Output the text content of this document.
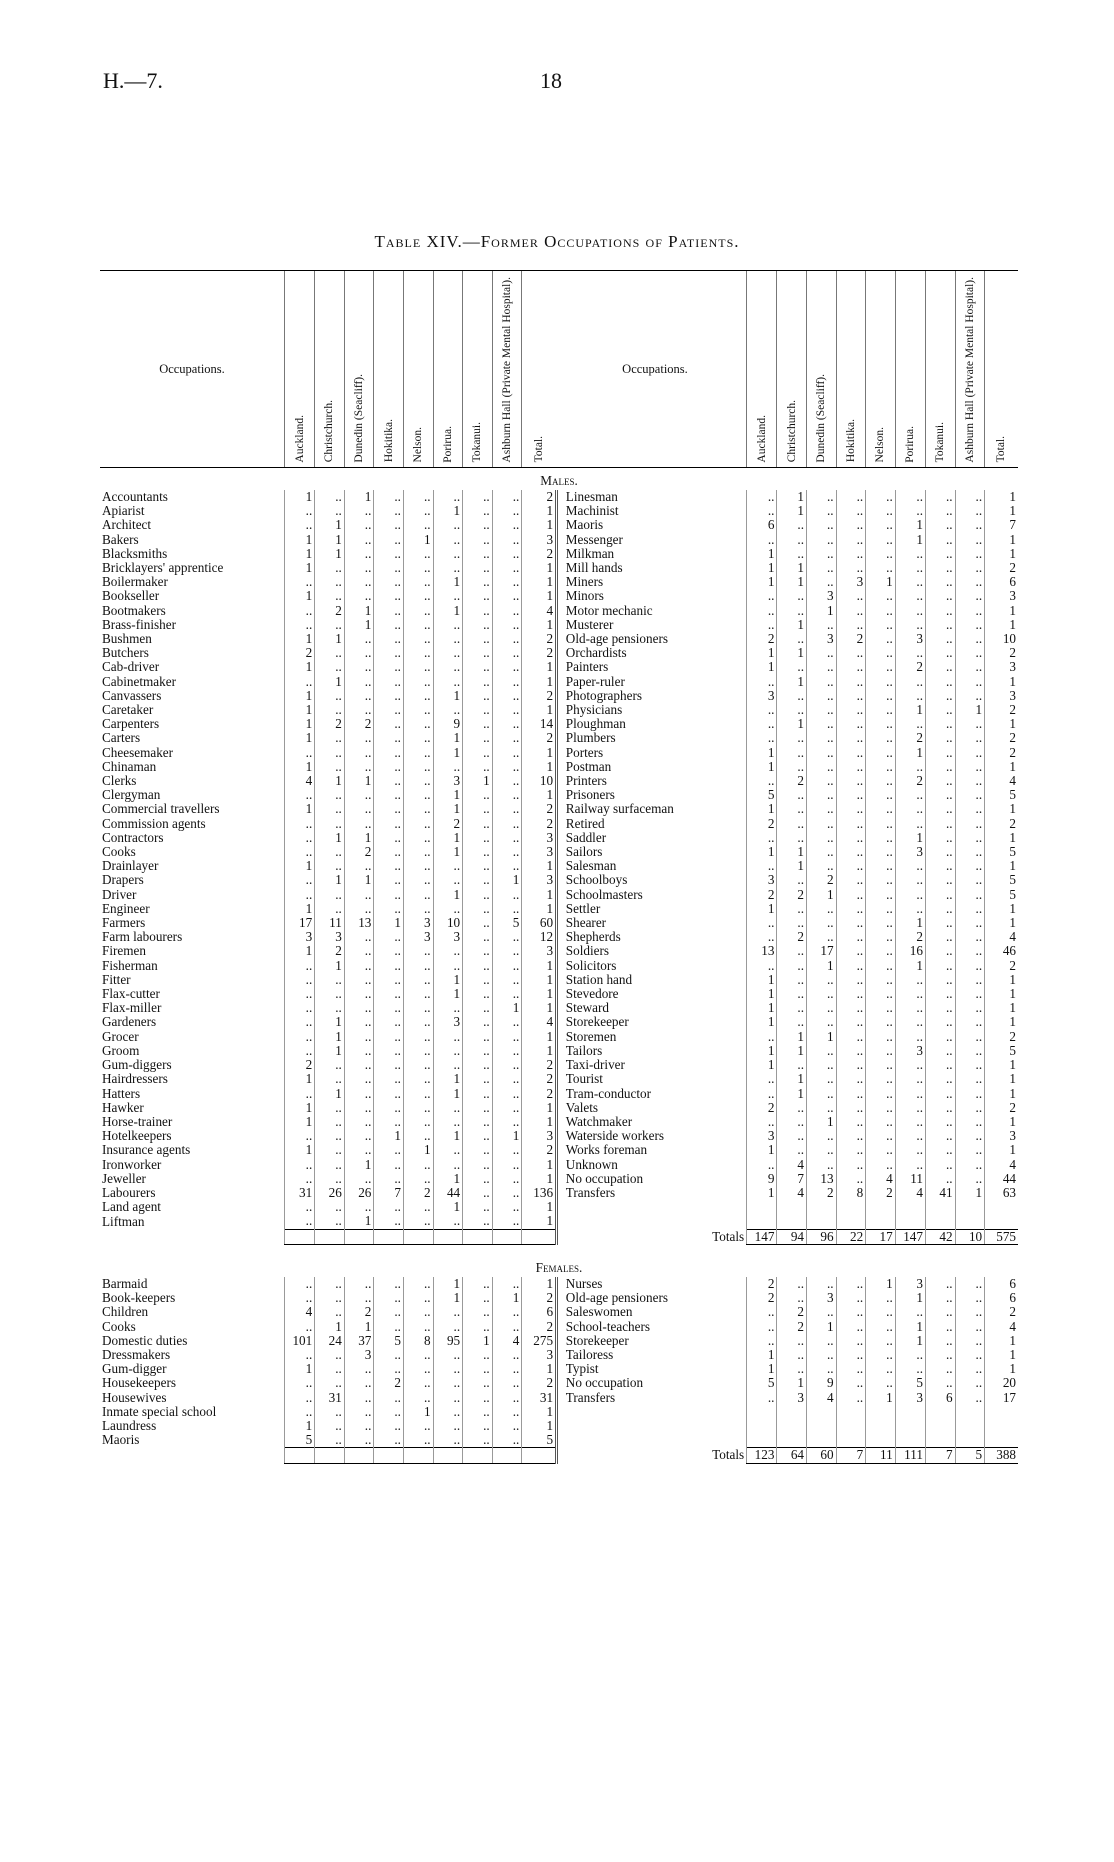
H.—7.	18
Table XIV.—Former Occupations of Patients.
Occupations.	Auckland.	Christchurch.	Dunedin (Seacliff).	Hokitika.	Nelson.	Porirua.	Tokanui.	Ashburn Hall (Private Mental Hospital).	Total.		Occupations.	Auckland.	Christchurch.	Dunedin (Seacliff).	Hokitika.	Nelson.	Porirua.	Tokanui.	Ashburn Hall (Private Mental Hospital).	Total.
Males.																				
Accountants	1	..	1	..	..	..	..	..	2		Linesman	..	1	..	..	..	..	..	..	1
Apiarist	..	..	..	..	..	1	..	..	1		Machinist	..	1	..	..	..	..	..	..	1
Architect	..	1	..	..	..	..	..	..	1		Maoris	6	..	..	..	..	1	..	..	7
Bakers	1	1	..	..	1	..	..	..	3		Messenger	..	..	..	..	..	1	..	..	1
Blacksmiths	1	1	..	..	..	..	..	..	2		Milkman	1	..	..	..	..	..	..	..	1
Bricklayers' apprentice	1	..	..	..	..	..	..	..	1		Mill hands	1	1	..	..	..	..	..	..	2
Boilermaker	..	..	..	..	..	1	..	..	1		Miners	1	1	..	3	1	..	..	..	6
Bookseller	1	..	..	..	..	..	..	..	1		Minors	..	..	3	..	..	..	..	..	3
Bootmakers	..	2	1	..	..	1	..	..	4		Motor mechanic	..	..	1	..	..	..	..	..	1
Brass-finisher	..	..	1	..	..	..	..	..	1		Musterer	..	1	..	..	..	..	..	..	1
Bushmen	1	1	..	..	..	..	..	..	2		Old-age pensioners	2	..	3	2	..	3	..	..	10
Butchers	2	..	..	..	..	..	..	..	2		Orchardists	1	1	..	..	..	..	..	..	2
Cab-driver	1	..	..	..	..	..	..	..	1		Painters	1	..	..	..	..	2	..	..	3
Cabinetmaker	..	1	..	..	..	..	..	..	1		Paper-ruler	..	1	..	..	..	..	..	..	1
Canvassers	1	..	..	..	..	1	..	..	2		Photographers	3	..	..	..	..	..	..	..	3
Caretaker	1	..	..	..	..	..	..	..	1		Physicians	..	..	..	..	..	1	..	1	2
Carpenters	1	2	2	..	..	9	..	..	14		Ploughman	..	1	..	..	..	..	..	..	1
Carters	1	..	..	..	..	1	..	..	2		Plumbers	..	..	..	..	..	2	..	..	2
Cheesemaker	..	..	..	..	..	1	..	..	1		Porters	1	..	..	..	..	1	..	..	2
Chinaman	1	..	..	..	..	..	..	..	1		Postman	1	..	..	..	..	..	..	..	1
Clerks	4	1	1	..	..	3	1	..	10		Printers	..	2	..	..	..	2	..	..	4
Clergyman	..	..	..	..	..	1	..	..	1		Prisoners	5	..	..	..	..	..	..	..	5
Commercial travellers	1	..	..	..	..	1	..	..	2		Railway surfaceman	1	..	..	..	..	..	..	..	1
Commission agents	..	..	..	..	..	2	..	..	2		Retired	2	..	..	..	..	..	..	..	2
Contractors	..	1	1	..	..	1	..	..	3		Saddler	..	..	..	..	..	1	..	..	1
Cooks	..	..	2	..	..	1	..	..	3		Sailors	1	1	..	..	..	3	..	..	5
Drainlayer	1	..	..	..	..	..	..	..	1		Salesman	..	1	..	..	..	..	..	..	1
Drapers	..	1	1	..	..	..	..	1	3		Schoolboys	3	..	2	..	..	..	..	..	5
Driver	..	..	..	..	..	1	..	..	1		Schoolmasters	2	2	1	..	..	..	..	..	5
Engineer	1	..	..	..	..	..	..	..	1		Settler	1	..	..	..	..	..	..	..	1
Farmers	17	11	13	1	3	10	..	5	60		Shearer	..	..	..	..	..	1	..	..	1
Farm labourers	3	3	..	..	3	3	..	..	12		Shepherds	..	2	..	..	..	2	..	..	4
Firemen	1	2	..	..	..	..	..	..	3		Soldiers	13	..	17	..	..	16	..	..	46
Fisherman	..	1	..	..	..	..	..	..	1		Solicitors	..	..	1	..	..	1	..	..	2
Fitter	..	..	..	..	..	1	..	..	1		Station hand	1	..	..	..	..	..	..	..	1
Flax-cutter	..	..	..	..	..	1	..	..	1		Stevedore	1	..	..	..	..	..	..	..	1
Flax-miller	..	..	..	..	..	..	..	1	1		Steward	1	..	..	..	..	..	..	..	1
Gardeners	..	1	..	..	..	3	..	..	4		Storekeeper	1	..	..	..	..	..	..	..	1
Grocer	..	1	..	..	..	..	..	..	1		Storemen	..	1	1	..	..	..	..	..	2
Groom	..	1	..	..	..	..	..	..	1		Tailors	1	1	..	..	..	3	..	..	5
Gum-diggers	2	..	..	..	..	..	..	..	2		Taxi-driver	1	..	..	..	..	..	..	..	1
Hairdressers	1	..	..	..	..	1	..	..	2		Tourist	..	1	..	..	..	..	..	..	1
Hatters	..	1	..	..	..	1	..	..	2		Tram-conductor	..	1	..	..	..	..	..	..	1
Hawker	1	..	..	..	..	..	..	..	1		Valets	2	..	..	..	..	..	..	..	2
Horse-trainer	1	..	..	..	..	..	..	..	1		Watchmaker	..	..	1	..	..	..	..	..	1
Hotelkeepers	..	..	..	1	..	1	..	1	3		Waterside workers	3	..	..	..	..	..	..	..	3
Insurance agents	1	..	..	..	1	..	..	..	2		Works foreman	1	..	..	..	..	..	..	..	1
Ironworker	..	..	1	..	..	..	..	..	1		Unknown	..	4	..	..	..	..	..	..	4
Jeweller	..	..	..	..	..	1	..	..	1		No occupation	9	7	13	..	4	11	..	..	44
Labourers	31	26	26	7	2	44	..	..	136		Transfers	1	4	2	8	2	4	41	1	63
Land agent	..	..	..	..	..	1	..	..	1											
Liftman	..	..	1	..	..	..	..	..	1											
											Totals	147	94	96	22	17	147	42	10	575

Females.																				
Barmaid	..	..	..	..	..	1	..	..	1		Nurses	2	..	..	..	1	3	..	..	6
Book-keepers	..	..	..	..	..	1	..	1	2		Old-age pensioners	2	..	3	..	..	1	..	..	6
Children	4	..	2	..	..	..	..	..	6		Saleswomen	..	2	..	..	..	..	..	..	2
Cooks	..	1	1	..	..	..	..	..	2		School-teachers	..	2	1	..	..	1	..	..	4
Domestic duties	101	24	37	5	8	95	1	4	275		Storekeeper	..	..	..	..	..	1	..	..	1
Dressmakers	..	..	3	..	..	..	..	..	3		Tailoress	1	..	..	..	..	..	..	..	1
Gum-digger	1	..	..	..	..	..	..	..	1		Typist	1	..	..	..	..	..	..	..	1
Housekeepers	..	..	..	2	..	..	..	..	2		No occupation	5	1	9	..	..	5	..	..	20
Housewives	..	31	..	..	..	..	..	..	31		Transfers	..	3	4	..	1	3	6	..	17
Inmate special school	..	..	..	..	1	..	..	..	1											
Laundress	1	..	..	..	..	..	..	..	1											
Maoris	5	..	..	..	..	..	..	..	5											
											Totals	123	64	60	7	11	111	7	5	388
